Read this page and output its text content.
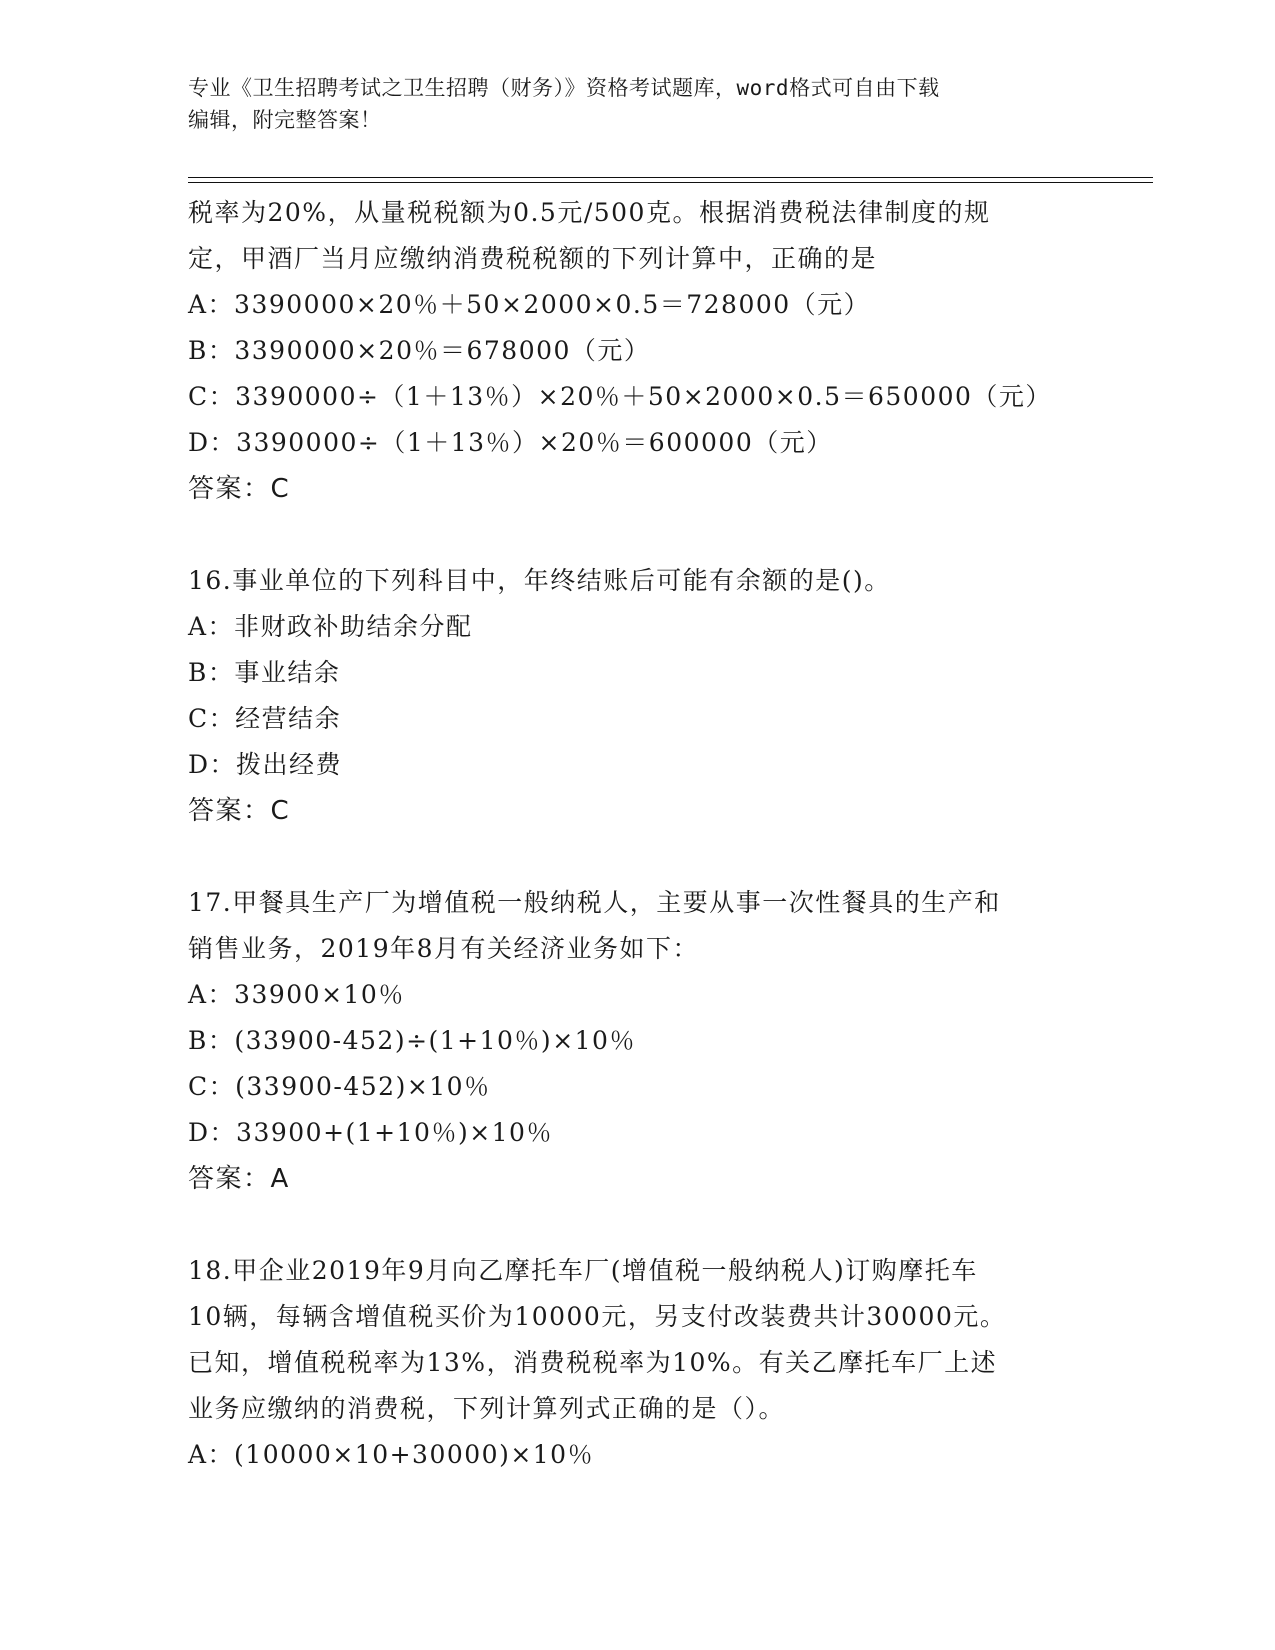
专业《卫生招聘考试之卫生招聘（财务）》资格考试题库，word格式可自由下载
编辑，附完整答案！
税率为20%，从量税税额为0.5元/500克。根据消费税法律制度的规
定，甲酒厂当月应缴纳消费税税额的下列计算中，正确的是
A：3390000×20％＋50×2000×0.5＝728000（元）
B：3390000×20％＝678000（元）
C：3390000÷（1＋13％）×20％＋50×2000×0.5＝650000（元）
D：3390000÷（1＋13％）×20％＝600000（元）
答案：C
16.事业单位的下列科目中，年终结账后可能有余额的是()。
A：非财政补助结余分配
B：事业结余
C：经营结余
D：拨出经费
答案：C
17.甲餐具生产厂为增值税一般纳税人，主要从事一次性餐具的生产和
销售业务，2019年8月有关经济业务如下：
A：33900×10％
B：(33900-452)÷(1+10％)×10％
C：(33900-452)×10％
D：33900+(1+10％)×10％
答案：A
18.甲企业2019年9月向乙摩托车厂(增值税一般纳税人)订购摩托车
10辆，每辆含增值税买价为10000元，另支付改装费共计30000元。
已知，增值税税率为13%，消费税税率为10%。有关乙摩托车厂上述
业务应缴纳的消费税，下列计算列式正确的是（）。
A：(10000×10+30000)×10％
